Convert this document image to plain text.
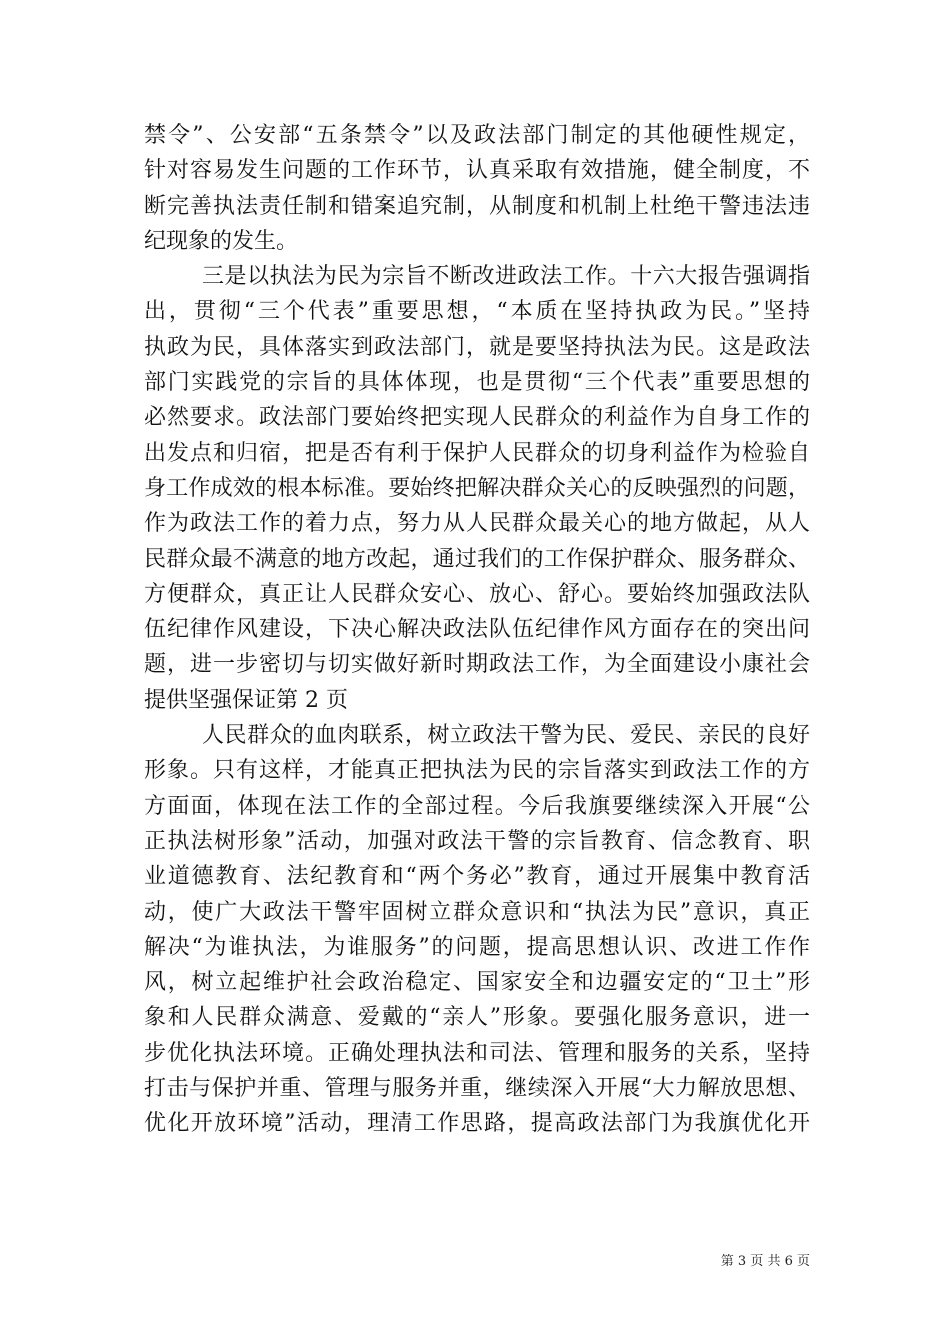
禁令”、公安部“五条禁令”以及政法部门制定的其他硬性规定，
针对容易发生问题的工作环节，认真采取有效措施，健全制度，不
断完善执法责任制和错案追究制，从制度和机制上杜绝干警违法违
纪现象的发生。
三是以执法为民为宗旨不断改进政法工作。十六大报告强调指
出，贯彻“三个代表”重要思想，“本质在坚持执政为民。”坚持
执政为民，具体落实到政法部门，就是要坚持执法为民。这是政法
部门实践党的宗旨的具体体现，也是贯彻“三个代表”重要思想的
必然要求。政法部门要始终把实现人民群众的利益作为自身工作的
出发点和归宿，把是否有利于保护人民群众的切身利益作为检验自
身工作成效的根本标准。要始终把解决群众关心的反映强烈的问题，
作为政法工作的着力点，努力从人民群众最关心的地方做起，从人
民群众最不满意的地方改起，通过我们的工作保护群众、服务群众、
方便群众，真正让人民群众安心、放心、舒心。要始终加强政法队
伍纪律作风建设，下决心解决政法队伍纪律作风方面存在的突出问
题，进一步密切与切实做好新时期政法工作，为全面建设小康社会
提供坚强保证第 2 页
人民群众的血肉联系，树立政法干警为民、爱民、亲民的良好
形象。只有这样，才能真正把执法为民的宗旨落实到政法工作的方
方面面，体现在法工作的全部过程。今后我旗要继续深入开展“公
正执法树形象”活动，加强对政法干警的宗旨教育、信念教育、职
业道德教育、法纪教育和“两个务必”教育，通过开展集中教育活
动，使广大政法干警牢固树立群众意识和“执法为民”意识，真正
解决“为谁执法，为谁服务”的问题，提高思想认识、改进工作作
风，树立起维护社会政治稳定、国家安全和边疆安定的“卫士”形
象和人民群众满意、爱戴的“亲人”形象。要强化服务意识，进一
步优化执法环境。正确处理执法和司法、管理和服务的关系，坚持
打击与保护并重、管理与服务并重，继续深入开展“大力解放思想、
优化开放环境”活动，理清工作思路，提高政法部门为我旗优化开
第 3 页 共 6 页
